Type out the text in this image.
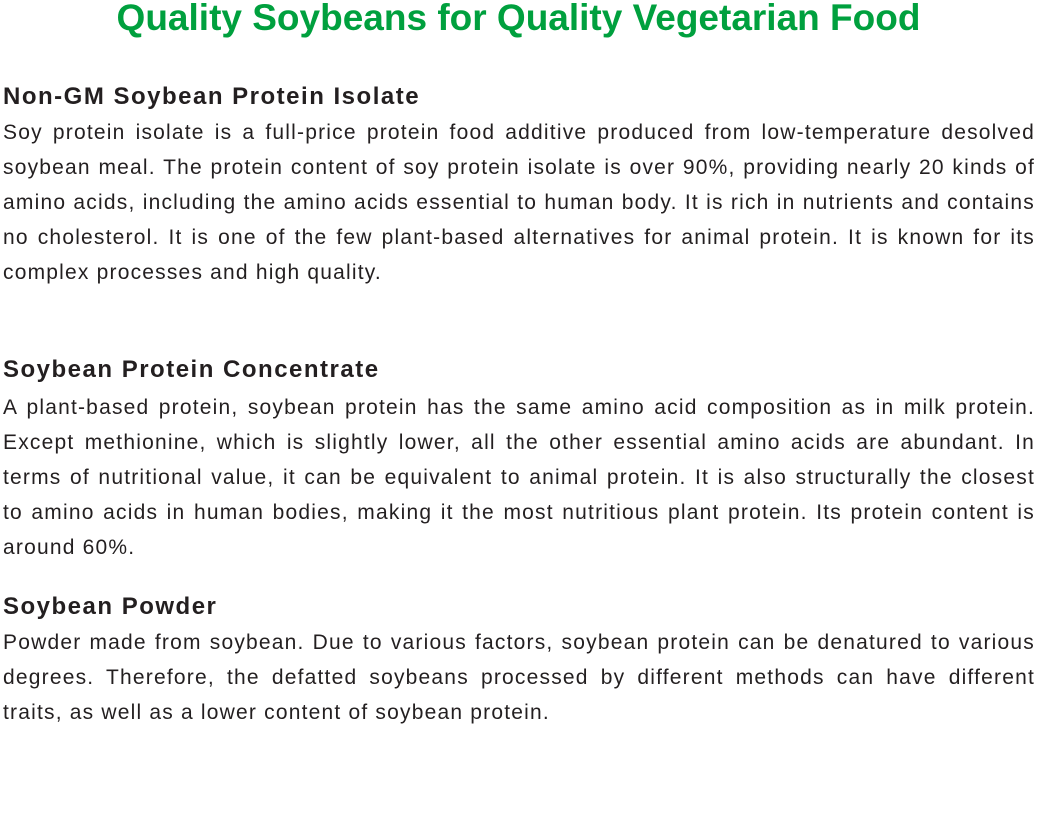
Quality Soybeans for Quality Vegetarian Food
Non-GM Soybean Protein Isolate

Soy protein isolate is a full-price protein food additive produced from low-temperature desolved soybean meal. The protein content of soy protein isolate is over 90%, providing nearly 20 kinds of amino acids, including the amino acids essential to human body. It is rich in nutrients and contains no cholesterol. It is one of the few plant-based alternatives for animal protein. It is known for its complex processes and high quality.

Soybean Protein Concentrate

A plant-based protein, soybean protein has the same amino acid composition as in milk protein. Except methionine, which is slightly lower, all the other essential amino acids are abundant. In terms of nutritional value, it can be equivalent to animal protein. It is also structurally the closest to amino acids in human bodies, making it the most nutritious plant protein. Its protein content is around 60%.

Soybean Powder

Powder made from soybean. Due to various factors, soybean protein can be denatured to various degrees. Therefore, the defatted soybeans processed by different methods can have different traits, as well as a lower content of soybean protein.
